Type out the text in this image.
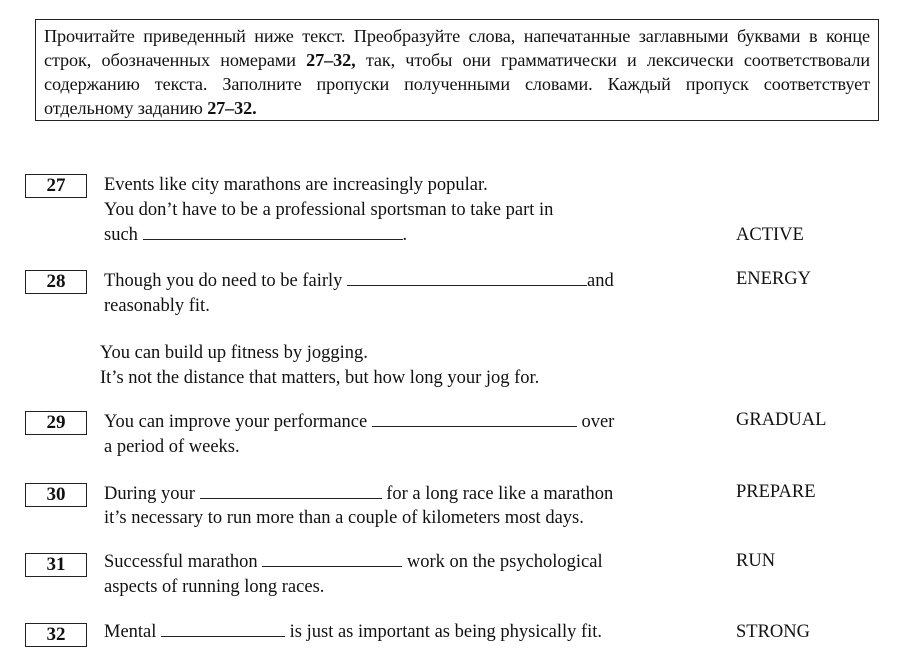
Прочитайте приведенный ниже текст. Преобразуйте слова, напечатанные заглавными буквами в конце строк, обозначенных номерами 27–32, так, чтобы они грамматически и лексически соответствовали содержанию текста. Заполните пропуски полученными словами. Каждый пропуск соответствует отдельному заданию 27–32.
27	Events like city marathons are increasingly popular.
You don’t have to be a professional sportsman to take part in
such	.	ACTIVE
28	Though you do need to be fairly	and
reasonably fit.
ENERGY
You can build up fitness by jogging.
It’s not the distance that matters, but how long your jog for.
29	You can improve your performance	over
a period of weeks.
GRADUAL
30	During your	for a long race like a marathon
it’s necessary to run more than a couple of kilometers most days.
PREPARE
31	Successful marathon	work on the psychological
aspects of running long races.
RUN
32	Mental	is just as important as being physically fit.	STRONG
